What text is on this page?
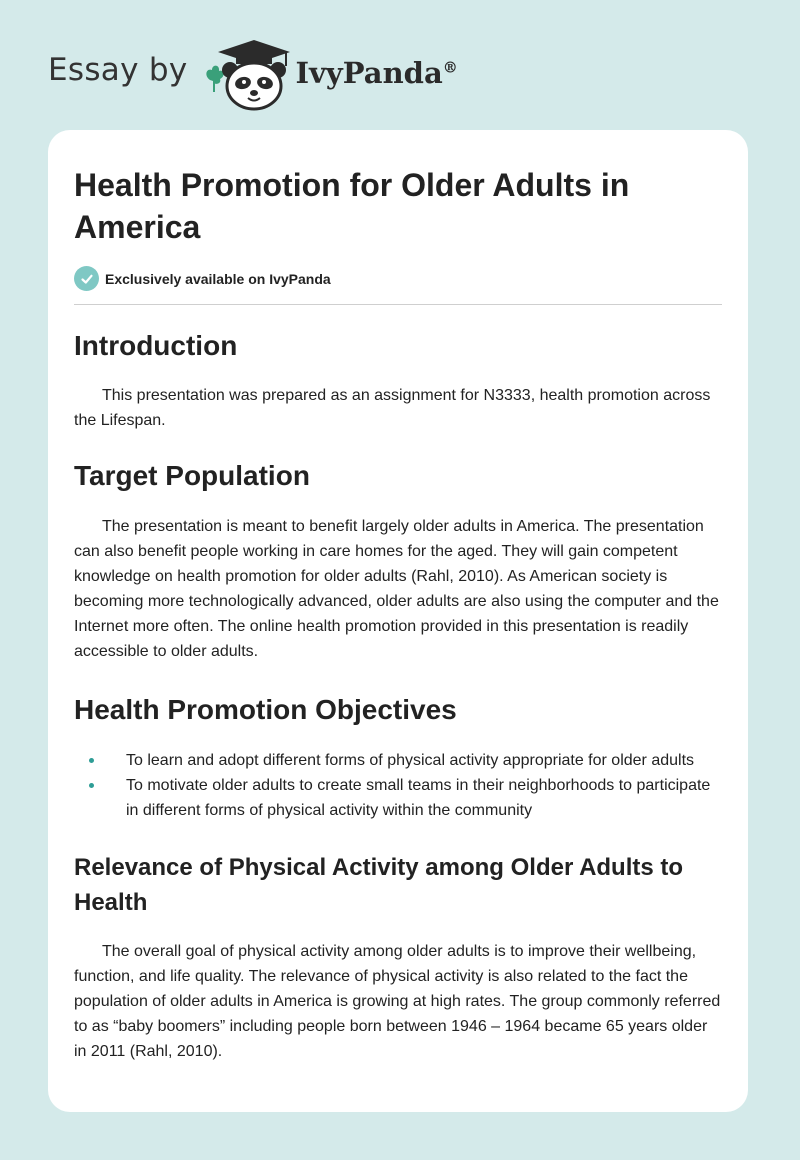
Essay by	IvyPanda®
Health Promotion for Older Adults in America
Exclusively available on IvyPanda
Introduction

This presentation was prepared as an assignment for N3333, health promotion across the Lifespan.

Target Population

The presentation is meant to benefit largely older adults in America. The presentation can also benefit people working in care homes for the aged. They will gain competent knowledge on health promotion for older adults (Rahl, 2010). As American society is becoming more technologically advanced, older adults are also using the computer and the Internet more often. The online health promotion provided in this presentation is readily accessible to older adults.

Health Promotion Objectives
To learn and adopt different forms of physical activity appropriate for older adults
To motivate older adults to create small teams in their neighborhoods to participate in different forms of physical activity within the community
Relevance of Physical Activity among Older Adults to Health

The overall goal of physical activity among older adults is to improve their wellbeing, function, and life quality. The relevance of physical activity is also related to the fact the population of older adults in America is growing at high rates. The group commonly referred to as “baby boomers” including people born between 1946 – 1964 became 65 years older in 2011 (Rahl, 2010).
